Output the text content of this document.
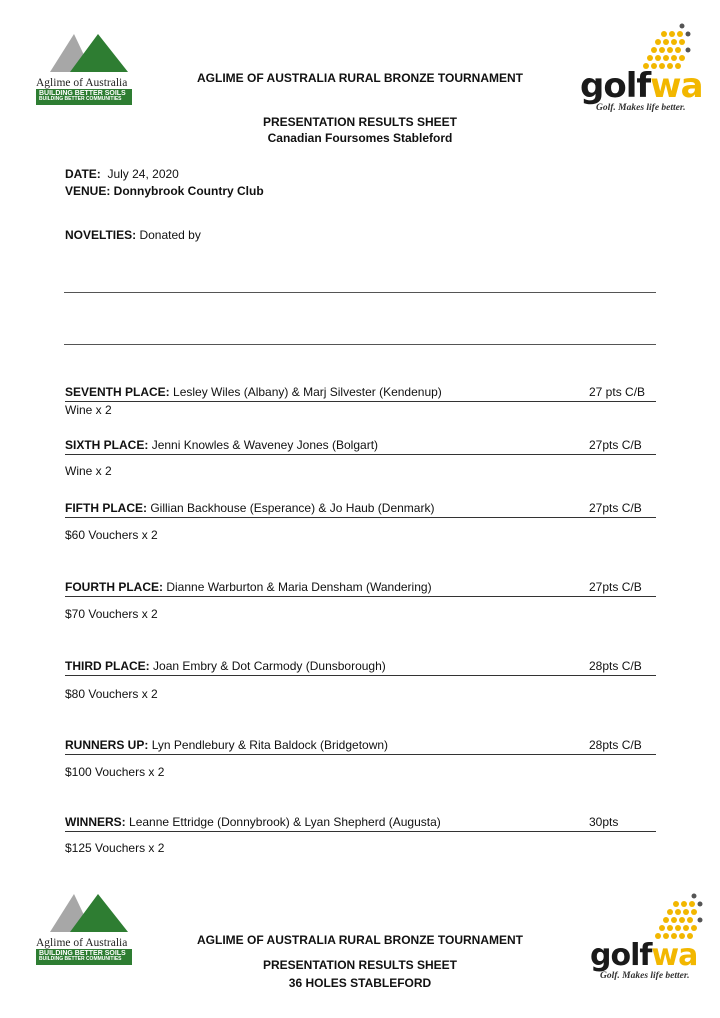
Aglime of Australia
BUILDING BETTER SOILS
BUILDING BETTER COMMUNITIES	golfwa
Golf. Makes life better.
AGLIME OF AUSTRALIA RURAL BRONZE TOURNAMENT
PRESENTATION RESULTS SHEET
Canadian Foursomes Stableford
DATE: July 24, 2020
VENUE: Donnybrook Country Club
NOVELTIES: Donated by
SEVENTH PLACE: Lesley Wiles (Albany) & Marj Silvester (Kendenup)	27 pts C/B
Wine x 2
SIXTH PLACE: Jenni Knowles & Waveney Jones (Bolgart)	27pts C/B
Wine x 2
FIFTH PLACE: Gillian Backhouse (Esperance) & Jo Haub (Denmark)	27pts C/B
$60 Vouchers x 2
FOURTH PLACE: Dianne Warburton & Maria Densham (Wandering)	27pts C/B
$70 Vouchers x 2
THIRD PLACE: Joan Embry & Dot Carmody (Dunsborough)	28pts C/B
$80 Vouchers x 2
RUNNERS UP: Lyn Pendlebury & Rita Baldock (Bridgetown)	28pts C/B
$100 Vouchers x 2
WINNERS: Leanne Ettridge (Donnybrook) & Lyan Shepherd (Augusta)	30pts
$125 Vouchers x 2
Aglime of Australia
BUILDING BETTER SOILS
BUILDING BETTER COMMUNITIES	golfwa
Golf. Makes life better.
AGLIME OF AUSTRALIA RURAL BRONZE TOURNAMENT
PRESENTATION RESULTS SHEET
36 HOLES STABLEFORD
